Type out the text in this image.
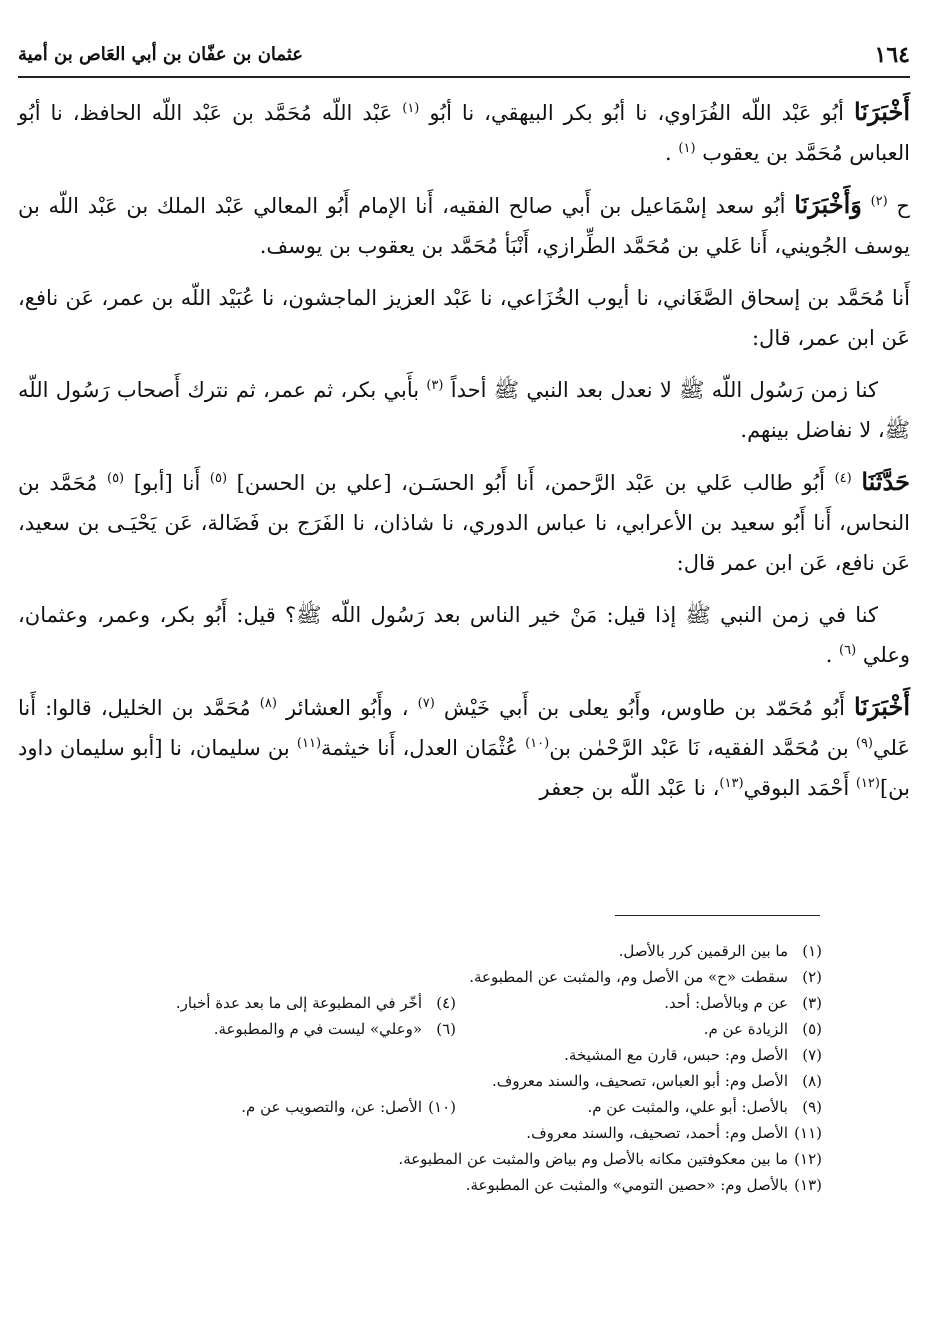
١٦٤
عثمان بن عفّان بن أبي العَاص بن أمية

أَخْبَرَنَا أبُو عَبْد اللّه الفُرَاوي، نا أبُو بكر البيهقي، نا أبُو $^{(١)}$ عَبْد اللّه مُحَمَّد بن عَبْد اللّه الحافظ، نا أبُو العباس مُحَمَّد بن يعقوب $^{(١)}$ .

ح $^{(٢)}$ وَأَخْبَرَنَا أبُو سعد إسْمَاعيل بن أَبي صالح الفقيه، أَنا الإمام أَبُو المعالي عَبْد الملك بن عَبْد اللّه بن يوسف الجُويني، أَنا عَلي بن مُحَمَّد الطِّرازي، أَنْبَأ مُحَمَّد بن يعقوب بن يوسف.

أَنا مُحَمَّد بن إسحاق الصَّغَاني، نا أيوب الخُزَاعي، نا عَبْد العزيز الماجشون، نا عُبَيْد اللّه بن عمر، عَن نافع، عَن ابن عمر، قال:

كنا زمن رَسُول اللّه ﷺ لا نعدل بعد النبي ﷺ أحداً $^{(٣)}$ بأَبي بكر، ثم عمر، ثم نترك أَصحاب رَسُول اللّه ﷺ، لا نفاضل بينهم.

حَدَّثَنَا $^{(٤)}$ أَبُو طالب عَلي بن عَبْد الرَّحمن، أَنا أَبُو الحسَـن، [علي بن الحسن] $^{(٥)}$ أَنا [أبو] $^{(٥)}$ مُحَمَّد بن النحاس، أَنا أَبُو سعيد بن الأعرابي، نا عباس الدوري، نا شاذان، نا الفَرَج بن فَضَالة، عَن يَحْيَـى بن سعيد، عَن نافع، عَن ابن عمر قال:

كنا في زمن النبي ﷺ إذا قيل: مَنْ خير الناس بعد رَسُول اللّه ﷺ؟ قيل: أَبُو بكر، وعمر، وعثمان، وعلي $^{(٦)}$ .

أَخْبَرَنَا أَبُو مُحَمّد بن طاوس، وأَبُو يعلى بن أَبي خَيْش $^{(٧)}$ ، وأَبُو العشائر $^{(٨)}$ مُحَمَّد بن الخليل، قالوا: أَنا عَلي$^{(٩)}$ بن مُحَمَّد الفقيه، نَا عَبْد الرَّحْمٰن بن$^{(١٠)}$ عُثْمَان العدل، أَنا خيثمة$^{(١١)}$ بن سليمان، نا [أبو سليمان داود بن]$^{(١٢)}$ أَحْمَد البوقي$^{(١٣)}$، نا عَبْد اللّه بن جعفر

(١)ما بين الرقمين كرر بالأصل.
(٢)سقطت «ح» من الأصل وم، والمثبت عن المطبوعة.
(٣)عن م وبالأصل: أحد.
(٤)أخّر في المطبوعة إلى ما بعد عدة أخبار.
(٥)الزيادة عن م.
(٦)«وعلي» ليست في م والمطبوعة.
(٧)الأصل وم: حبس، قارن مع المشيخة.
(٨)الأصل وم: أبو العباس، تصحيف، والسند معروف.
(٩)بالأصل: أبو علي، والمثبت عن م.
(١٠)الأصل: عن، والتصويب عن م.
(١١)الأصل وم: أحمد، تصحيف، والسند معروف.
(١٢)ما بين معكوفتين مكانه بالأصل وم بياض والمثبت عن المطبوعة.
(١٣)بالأصل وم: «حصين التومي» والمثبت عن المطبوعة.
